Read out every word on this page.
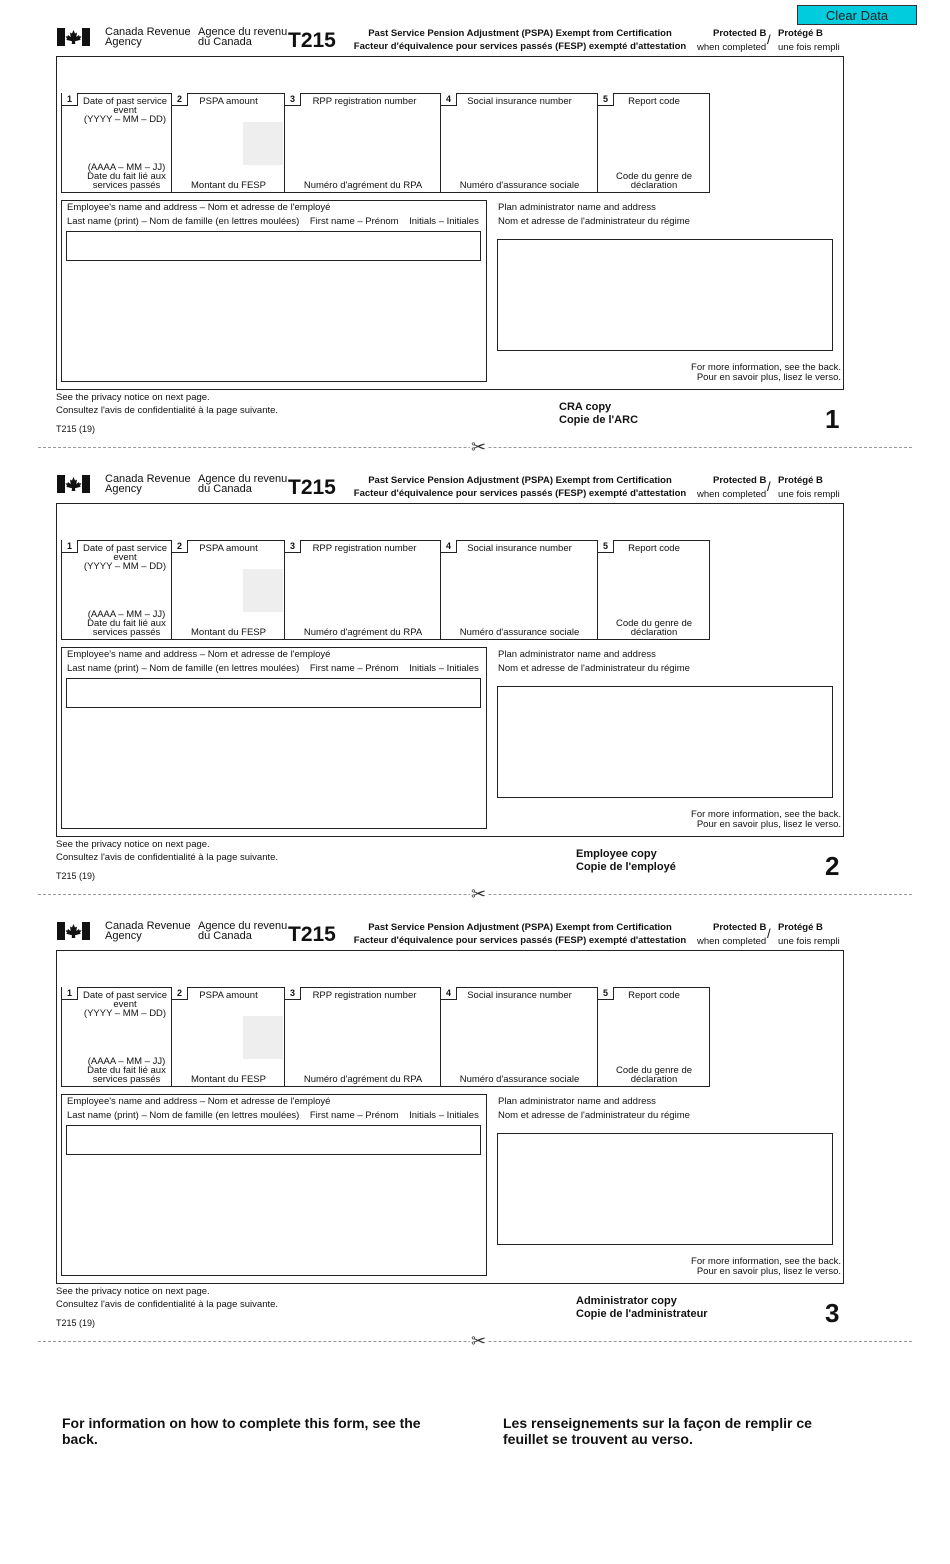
Clear Data
Canada Revenue
Agency
Agence du revenu
du Canada	T215	Past Service Pension Adjustment (PSPA) Exempt from Certification
Facteur d'équivalence pour services passés (FESP) exempté d'attestation
Protected B
when completed
/ Protégé B
une fois rempli
1	Date of past service
event
(YYYY – MM – DD)
(AAAA – MM – JJ)
Date du fait lié aux
services passés
2	PSPA amount
Montant du FESP
3	RPP registration number
Numéro d'agrément du RPA
4	Social insurance number
Numéro d'assurance sociale
5	Report code
Code du genre de
déclaration
Employee's name and address – Nom et adresse de l'employé
Last name (print) – Nom de famille (en lettres moulées)    First name – Prénom    Initials – Initiales
Plan administrator name and address
Nom et adresse de l'administrateur du régime
For more information, see the back.
Pour en savoir plus, lisez le verso.
See the privacy notice on next page.
Consultez l'avis de confidentialité à la page suivante.
T215 (19)
CRA copy
Copie de l'ARC	1
✂
Canada Revenue
Agency
Agence du revenu
du Canada	T215	Past Service Pension Adjustment (PSPA) Exempt from Certification
Facteur d'équivalence pour services passés (FESP) exempté d'attestation
Protected B
when completed
/ Protégé B
une fois rempli
1	Date of past service
event
(YYYY – MM – DD)
(AAAA – MM – JJ)
Date du fait lié aux
services passés
2	PSPA amount
Montant du FESP
3	RPP registration number
Numéro d'agrément du RPA
4	Social insurance number
Numéro d'assurance sociale
5	Report code
Code du genre de
déclaration
Employee's name and address – Nom et adresse de l'employé
Last name (print) – Nom de famille (en lettres moulées)    First name – Prénom    Initials – Initiales
Plan administrator name and address
Nom et adresse de l'administrateur du régime
For more information, see the back.
Pour en savoir plus, lisez le verso.
See the privacy notice on next page.
Consultez l'avis de confidentialité à la page suivante.
T215 (19)
Employee copy
Copie de l'employé	2
✂
Canada Revenue
Agency
Agence du revenu
du Canada	T215	Past Service Pension Adjustment (PSPA) Exempt from Certification
Facteur d'équivalence pour services passés (FESP) exempté d'attestation
Protected B
when completed
/ Protégé B
une fois rempli
1	Date of past service
event
(YYYY – MM – DD)
(AAAA – MM – JJ)
Date du fait lié aux
services passés
2	PSPA amount
Montant du FESP
3	RPP registration number
Numéro d'agrément du RPA
4	Social insurance number
Numéro d'assurance sociale
5	Report code
Code du genre de
déclaration
Employee's name and address – Nom et adresse de l'employé
Last name (print) – Nom de famille (en lettres moulées)    First name – Prénom    Initials – Initiales
Plan administrator name and address
Nom et adresse de l'administrateur du régime
For more information, see the back.
Pour en savoir plus, lisez le verso.
See the privacy notice on next page.
Consultez l'avis de confidentialité à la page suivante.
T215 (19)
Administrator copy
Copie de l'administrateur	3
✂
For information on how to complete this form, see the back.
Les renseignements sur la façon de remplir ce feuillet se trouvent au verso.
